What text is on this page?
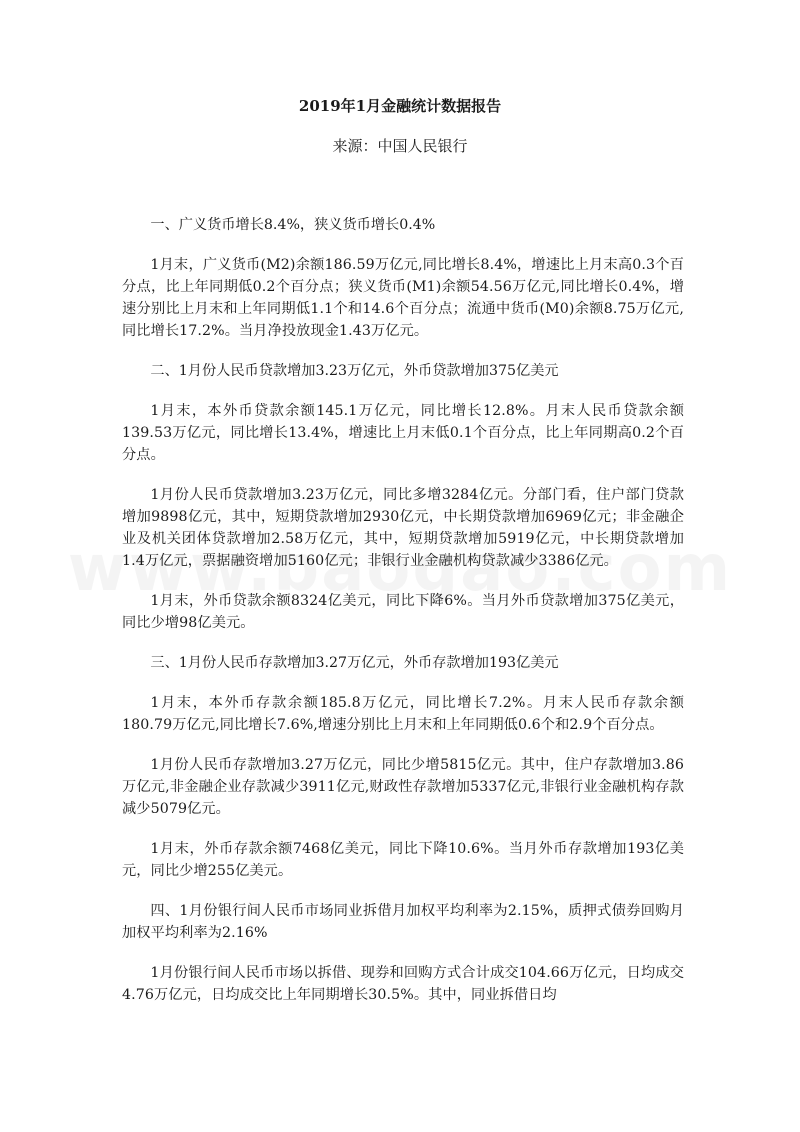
2019年1月金融统计数据报告

来源：中国人民银行

一、广义货币增长8.4%，狭义货币增长0.4%

1月末，广义货币(M2)余额186.59万亿元,同比增长8.4%，增速比上月末高0.3个百分点，比上年同期低0.2个百分点；狭义货币(M1)余额54.56万亿元,同比增长0.4%，增速分别比上月末和上年同期低1.1个和14.6个百分点；流通中货币(M0)余额8.75万亿元,同比增长17.2%。当月净投放现金1.43万亿元。

二、1月份人民币贷款增加3.23万亿元，外币贷款增加375亿美元

1月末，本外币贷款余额145.1万亿元，同比增长12.8%。月末人民币贷款余额139.53万亿元，同比增长13.4%，增速比上月末低0.1个百分点，比上年同期高0.2个百分点。

1月份人民币贷款增加3.23万亿元，同比多增3284亿元。分部门看，住户部门贷款增加9898亿元，其中，短期贷款增加2930亿元，中长期贷款增加6969亿元；非金融企业及机关团体贷款增加2.58万亿元，其中，短期贷款增加5919亿元，中长期贷款增加1.4万亿元，票据融资增加5160亿元；非银行业金融机构贷款减少3386亿元。

1月末，外币贷款余额8324亿美元，同比下降6%。当月外币贷款增加375亿美元，同比少增98亿美元。

三、1月份人民币存款增加3.27万亿元，外币存款增加193亿美元

1月末，本外币存款余额185.8万亿元，同比增长7.2%。月末人民币存款余额180.79万亿元,同比增长7.6%,增速分别比上月末和上年同期低0.6个和2.9个百分点。

1月份人民币存款增加3.27万亿元，同比少增5815亿元。其中，住户存款增加3.86万亿元,非金融企业存款减少3911亿元,财政性存款增加5337亿元,非银行业金融机构存款减少5079亿元。

1月末，外币存款余额7468亿美元，同比下降10.6%。当月外币存款增加193亿美元，同比少增255亿美元。

四、1月份银行间人民币市场同业拆借月加权平均利率为2.15%，质押式债券回购月加权平均利率为2.16%

1月份银行间人民币市场以拆借、现券和回购方式合计成交104.66万亿元，日均成交4.76万亿元，日均成交比上年同期增长30.5%。其中，同业拆借日均
